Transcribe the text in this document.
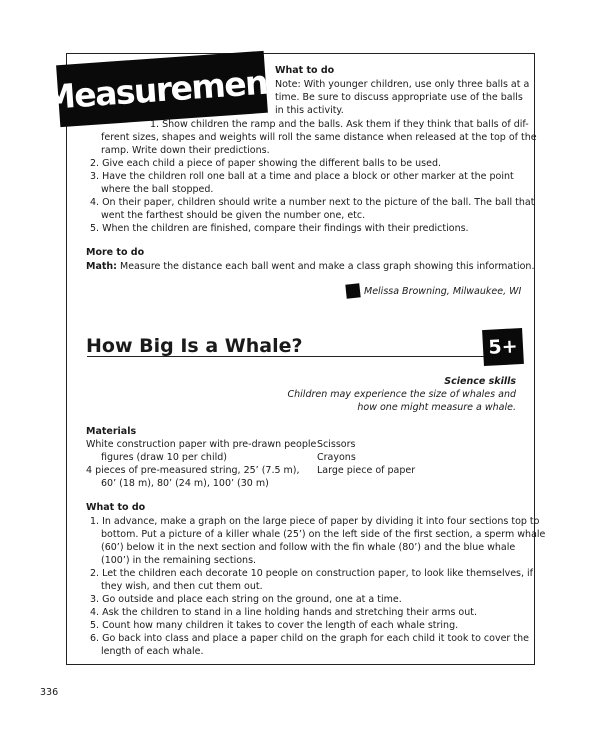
Measurement
What to do
Note: With younger children, use only three balls at a
time. Be sure to discuss appropriate use of the balls
in this activity.
1. Show children the ramp and the balls. Ask them if they think that balls of dif-
ferent sizes, shapes and weights will roll the same distance when released at the top of the
ramp. Write down their predictions.
2. Give each child a piece of paper showing the different balls to be used.
3. Have the children roll one ball at a time and place a block or other marker at the point
where the ball stopped.
4. On their paper, children should write a number next to the picture of the ball. The ball that
went the farthest should be given the number one, etc.
5. When the children are finished, compare their findings with their predictions.
More to do
Math: Measure the distance each ball went and make a class graph showing this information.
Melissa Browning, Milwaukee, WI
How Big Is a Whale?	5+
Science skills
Children may experience the size of whales and
how one might measure a whale.
Materials
White construction paper with pre-drawn people
figures (draw 10 per child)
4 pieces of pre-measured string, 25’ (7.5 m),
60’ (18 m), 80’ (24 m), 100’ (30 m)
Scissors
Crayons
Large piece of paper
What to do
1. In advance, make a graph on the large piece of paper by dividing it into four sections top to
bottom. Put a picture of a killer whale (25’) on the left side of the first section, a sperm whale
(60’) below it in the next section and follow with the fin whale (80’) and the blue whale
(100’) in the remaining sections.
2. Let the children each decorate 10 people on construction paper, to look like themselves, if
they wish, and then cut them out.
3. Go outside and place each string on the ground, one at a time.
4. Ask the children to stand in a line holding hands and stretching their arms out.
5. Count how many children it takes to cover the length of each whale string.
6. Go back into class and place a paper child on the graph for each child it took to cover the
length of each whale.
336
